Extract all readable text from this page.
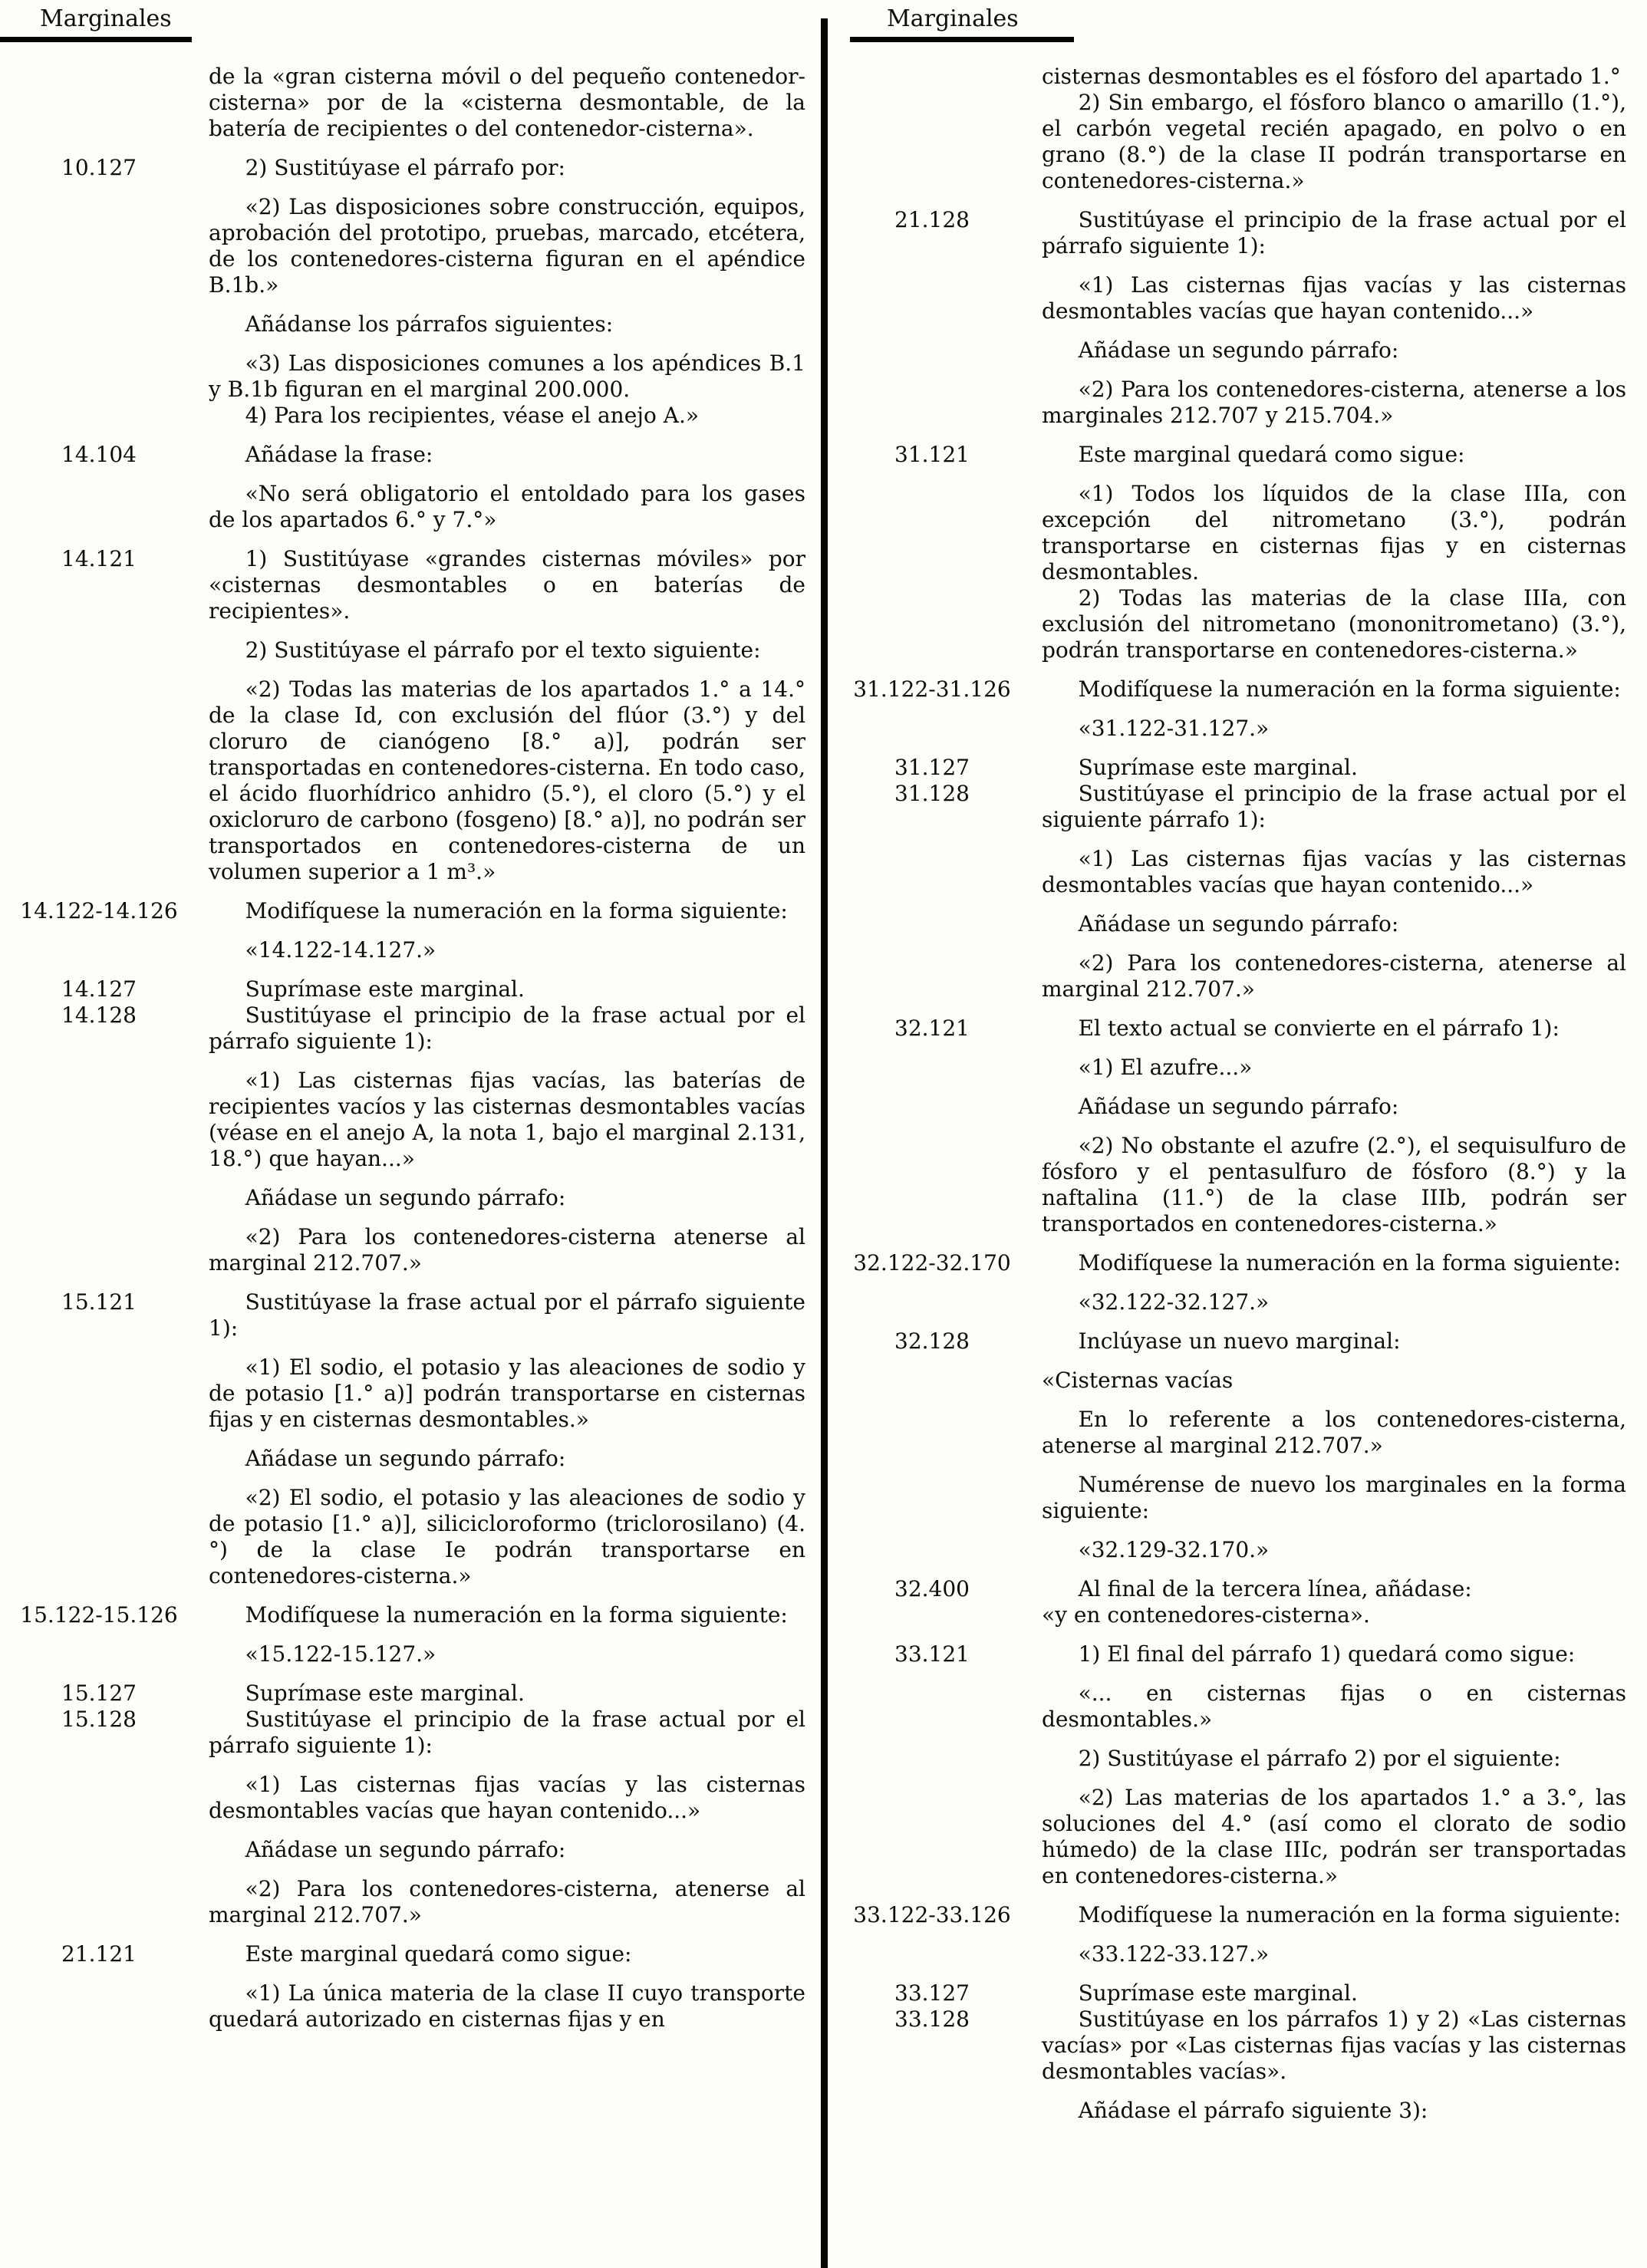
Marginales

de la «gran cisterna móvil o del pequeño contenedor-cisterna» por de la «cisterna desmontable, de la batería de recipientes o del contenedor-cisterna».

10.127	2) Sustitúyase el párrafo por:

«2) Las disposiciones sobre construcción, equipos, aprobación del prototipo, pruebas, marcado, etcétera, de los contenedores-cisterna figuran en el apéndice B.1b.»

Añádanse los párrafos siguientes:

«3) Las disposiciones comunes a los apéndices B.1 y B.1b figuran en el marginal 200.000.

4) Para los recipientes, véase el anejo A.»

14.104	Añádase la frase:

«No será obligatorio el entoldado para los gases de los apartados 6.° y 7.°»

14.121	1) Sustitúyase «grandes cisternas móviles» por «cisternas desmontables o en baterías de recipientes».

2) Sustitúyase el párrafo por el texto siguiente:

«2) Todas las materias de los apartados 1.° a 14.° de la clase Id, con exclusión del flúor (3.°) y del cloruro de cianógeno [8.° a)], podrán ser transportadas en contenedores-cisterna. En todo caso, el ácido fluorhídrico anhidro (5.°), el cloro (5.°) y el oxicloruro de carbono (fosgeno) [8.° a)], no podrán ser transportados en contenedores-cisterna de un volumen superior a 1 m³.»

14.122-14.126	Modifíquese la numeración en la forma siguiente:

«14.122-14.127.»

14.127	Suprímase este marginal.

14.128	Sustitúyase el principio de la frase actual por el párrafo siguiente 1):

«1) Las cisternas fijas vacías, las baterías de recipientes vacíos y las cisternas desmontables vacías (véase en el anejo A, la nota 1, bajo el marginal 2.131, 18.°) que hayan...»

Añádase un segundo párrafo:

«2) Para los contenedores-cisterna atenerse al marginal 212.707.»

15.121	Sustitúyase la frase actual por el párrafo siguiente 1):

«1) El sodio, el potasio y las aleaciones de sodio y de potasio [1.° a)] podrán transportarse en cisternas fijas y en cisternas desmontables.»

Añádase un segundo párrafo:

«2) El sodio, el potasio y las aleaciones de sodio y de potasio [1.° a)], silicicloroformo (triclorosilano) (4.°) de la clase Ie podrán transportarse en contenedores-cisterna.»

15.122-15.126	Modifíquese la numeración en la forma siguiente:

«15.122-15.127.»

15.127	Suprímase este marginal.

15.128	Sustitúyase el principio de la frase actual por el párrafo siguiente 1):

«1) Las cisternas fijas vacías y las cisternas desmontables vacías que hayan contenido...»

Añádase un segundo párrafo:

«2) Para los contenedores-cisterna, atenerse al marginal 212.707.»

21.121	Este marginal quedará como sigue:

«1) La única materia de la clase II cuyo transporte quedará autorizado en cisternas fijas y en

Marginales

cisternas desmontables es el fósforo del apartado 1.°

2) Sin embargo, el fósforo blanco o amarillo (1.°), el carbón vegetal recién apagado, en polvo o en grano (8.°) de la clase II podrán transportarse en contenedores-cisterna.»

21.128	Sustitúyase el principio de la frase actual por el párrafo siguiente 1):

«1) Las cisternas fijas vacías y las cisternas desmontables vacías que hayan contenido...»

Añádase un segundo párrafo:

«2) Para los contenedores-cisterna, atenerse a los marginales 212.707 y 215.704.»

31.121	Este marginal quedará como sigue:

«1) Todos los líquidos de la clase IIIa, con excepción del nitrometano (3.°), podrán transportarse en cisternas fijas y en cisternas desmontables.

2) Todas las materias de la clase IIIa, con exclusión del nitrometano (mononitrometano) (3.°), podrán transportarse en contenedores-cisterna.»

31.122-31.126	Modifíquese la numeración en la forma siguiente:

«31.122-31.127.»

31.127	Suprímase este marginal.

31.128	Sustitúyase el principio de la frase actual por el siguiente párrafo 1):

«1) Las cisternas fijas vacías y las cisternas desmontables vacías que hayan contenido...»

Añádase un segundo párrafo:

«2) Para los contenedores-cisterna, atenerse al marginal 212.707.»

32.121	El texto actual se convierte en el párrafo 1):

«1) El azufre...»

Añádase un segundo párrafo:

«2) No obstante el azufre (2.°), el sequisulfuro de fósforo y el pentasulfuro de fósforo (8.°) y la naftalina (11.°) de la clase IIIb, podrán ser transportados en contenedores-cisterna.»

32.122-32.170	Modifíquese la numeración en la forma siguiente:

«32.122-32.127.»

32.128	Inclúyase un nuevo marginal:

«Cisternas vacías

En lo referente a los contenedores-cisterna, atenerse al marginal 212.707.»

Numérense de nuevo los marginales en la forma siguiente:

«32.129-32.170.»

32.400	Al final de la tercera línea, añádase:

«y en contenedores-cisterna».

33.121	1) El final del párrafo 1) quedará como sigue:

«... en cisternas fijas o en cisternas desmontables.»

2) Sustitúyase el párrafo 2) por el siguiente:

«2) Las materias de los apartados 1.° a 3.°, las soluciones del 4.° (así como el clorato de sodio húmedo) de la clase IIIc, podrán ser transportadas en contenedores-cisterna.»

33.122-33.126	Modifíquese la numeración en la forma siguiente:

«33.122-33.127.»

33.127	Suprímase este marginal.

33.128	Sustitúyase en los párrafos 1) y 2) «Las cisternas vacías» por «Las cisternas fijas vacías y las cisternas desmontables vacías».

Añádase el párrafo siguiente 3):
